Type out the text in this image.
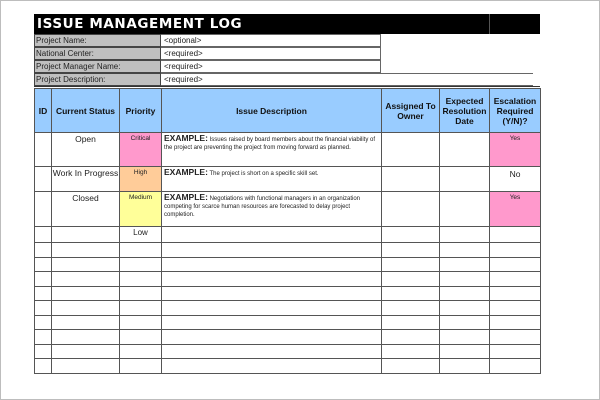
ISSUE MANAGEMENT LOG
Project Name:	<optional>
National Center:	<required>
Project Manager Name:	<required>
Project Description:	<required>
ID	Current Status	Priority	Issue Description	Assigned To Owner	Expected Resolution Date	Escalation Required (Y/N)?
	Open	Critical	EXAMPLE: Issues raised by board members about the financial viability of the project are preventing the project from moving forward as planned.			Yes
	Work In Progress	High	EXAMPLE: The project is short on a specific skill set.			No
	Closed	Medium	EXAMPLE: Negotiations with functional managers in an organization competing for scarce human resources are forecasted to delay project completion.			Yes
		Low				
